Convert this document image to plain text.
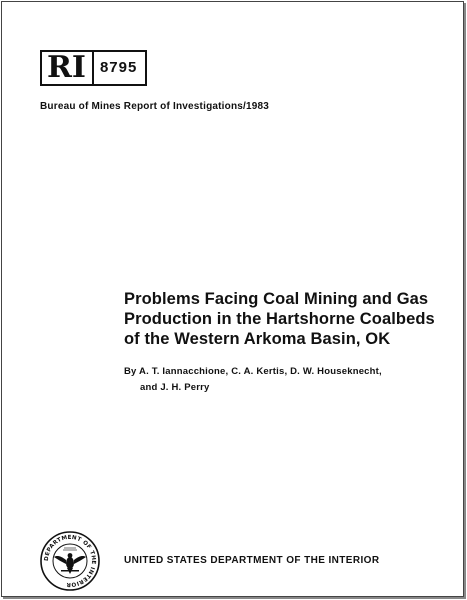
RI 8795
Bureau of Mines Report of Investigations/1983
Problems Facing Coal Mining and Gas
Production in the Hartshorne Coalbeds
of the Western Arkoma Basin, OK
By A. T. Iannacchione, C. A. Kertis, D. W. Houseknecht,
and J. H. Perry
DEPARTMENT OF THE INTERIOR
UNITED STATES DEPARTMENT OF THE INTERIOR
